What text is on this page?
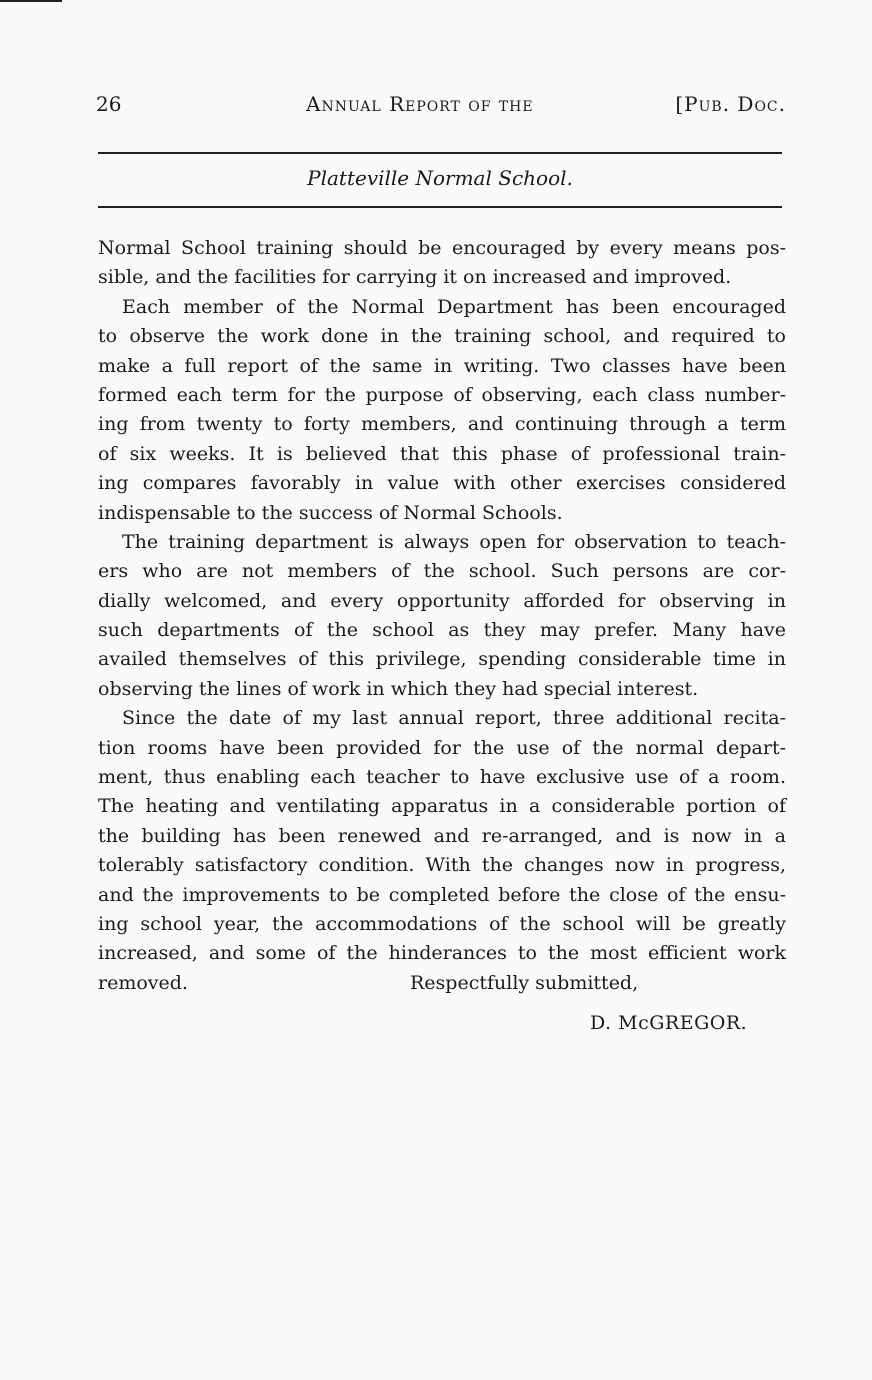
26	Annual Report of the	[Pub. Doc.
Platteville Normal School.
Normal School training should be encouraged by every means pos-
sible, and the facilities for carrying it on increased and improved.
Each member of the Normal Department has been encouraged
to observe the work done in the training school, and required to
make a full report of the same in writing. Two classes have been
formed each term for the purpose of observing, each class number-
ing from twenty to forty members, and continuing through a term
of six weeks. It is believed that this phase of professional train-
ing compares favorably in value with other exercises considered
indispensable to the success of Normal Schools.
The training department is always open for observation to teach-
ers who are not members of the school. Such persons are cor-
dially welcomed, and every opportunity afforded for observing in
such departments of the school as they may prefer. Many have
availed themselves of this privilege, spending considerable time in
observing the lines of work in which they had special interest.
Since the date of my last annual report, three additional recita-
tion rooms have been provided for the use of the normal depart-
ment, thus enabling each teacher to have exclusive use of a room.
The heating and ventilating apparatus in a considerable portion of
the building has been renewed and re-arranged, and is now in a
tolerably satisfactory condition. With the changes now in progress,
and the improvements to be completed before the close of the ensu-
ing school year, the accommodations of the school will be greatly
increased, and some of the hinderances to the most efficient work
removed.	Respectfully submitted,
D. McGREGOR.
